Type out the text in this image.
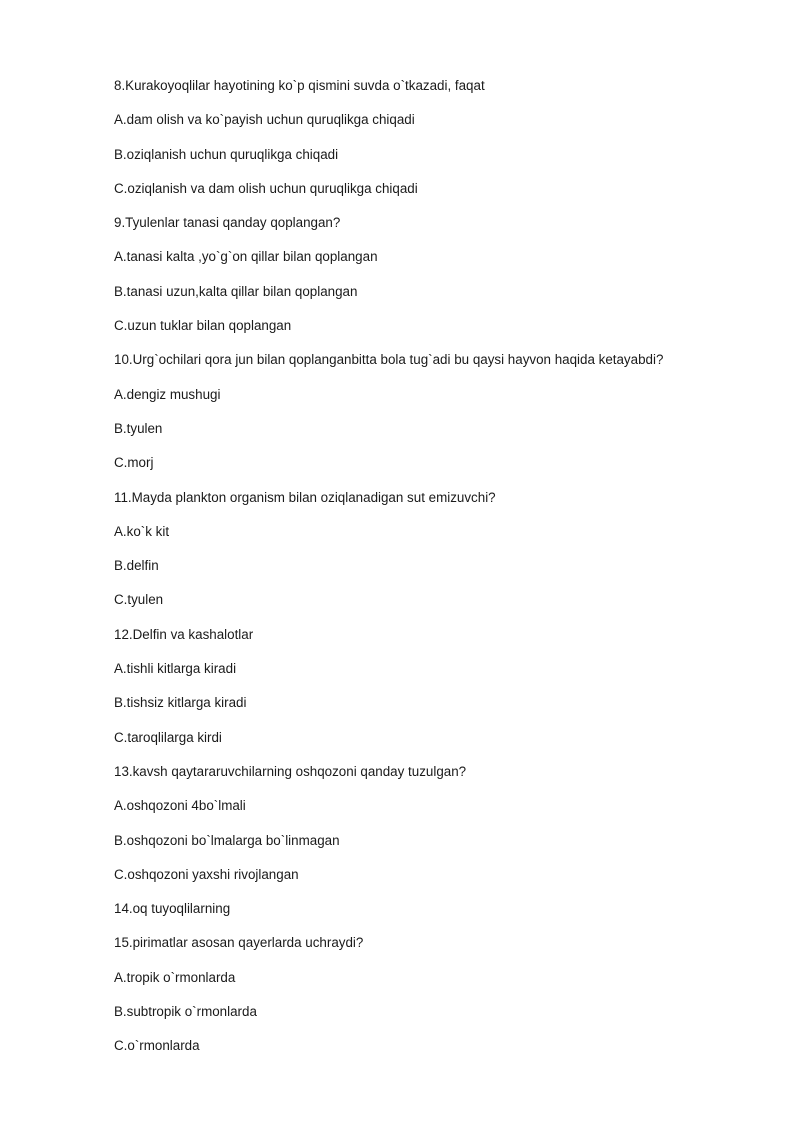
8.Kurakoyoqlilar hayotining ko`p qismini suvda o`tkazadi, faqat
A.dam olish va ko`payish uchun quruqlikga chiqadi
B.oziqlanish uchun quruqlikga chiqadi
C.oziqlanish va dam olish uchun quruqlikga chiqadi
9.Tyulenlar tanasi qanday qoplangan?
A.tanasi kalta ,yo`g`on qillar bilan qoplangan
B.tanasi uzun,kalta qillar bilan qoplangan
C.uzun tuklar bilan qoplangan
10.Urg`ochilari qora jun bilan qoplanganbitta bola tug`adi bu qaysi hayvon haqida ketayabdi?
A.dengiz mushugi
B.tyulen
C.morj
11.Mayda plankton organism bilan oziqlanadigan sut emizuvchi?
A.ko`k kit
B.delfin
C.tyulen
12.Delfin va kashalotlar
A.tishli kitlarga kiradi
B.tishsiz kitlarga kiradi
C.taroqlilarga kirdi
13.kavsh qaytararuvchilarning oshqozoni qanday tuzulgan?
A.oshqozoni 4bo`lmali
B.oshqozoni bo`lmalarga bo`linmagan
C.oshqozoni yaxshi rivojlangan
14.oq tuyoqlilarning
15.pirimatlar asosan qayerlarda uchraydi?
A.tropik o`rmonlarda
B.subtropik o`rmonlarda
C.o`rmonlarda
